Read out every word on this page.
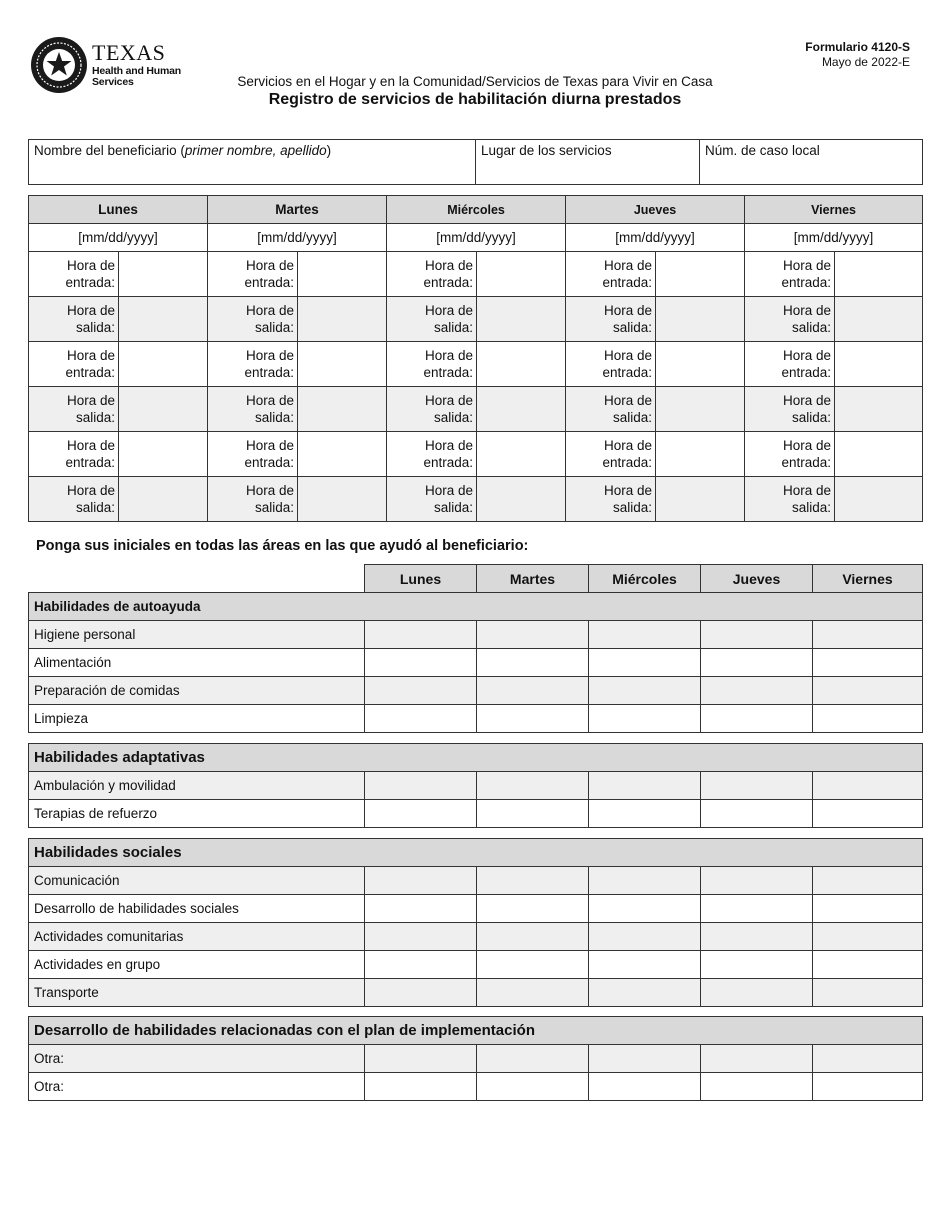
TEXAS
Health and Human
Services
Formulario 4120-S
Mayo de 2022-E
Servicios en el Hogar y en la Comunidad/Servicios de Texas para Vivir en Casa
Registro de servicios de habilitación diurna prestados
Nombre del beneficiario (primer nombre, apellido)	Lugar de los servicios	Núm. de caso local
Lunes		Martes		Miércoles		Jueves		Viernes	
[mm/dd/yyyy]		[mm/dd/yyyy]		[mm/dd/yyyy]		[mm/dd/yyyy]		[mm/dd/yyyy]	
Hora de
entrada:		Hora de
entrada:		Hora de
entrada:		Hora de
entrada:		Hora de
entrada:	
Hora de
salida:		Hora de
salida:		Hora de
salida:		Hora de
salida:		Hora de
salida:	
Hora de
entrada:		Hora de
entrada:		Hora de
entrada:		Hora de
entrada:		Hora de
entrada:	
Hora de
salida:		Hora de
salida:		Hora de
salida:		Hora de
salida:		Hora de
salida:	
Hora de
entrada:		Hora de
entrada:		Hora de
entrada:		Hora de
entrada:		Hora de
entrada:	
Hora de
salida:		Hora de
salida:		Hora de
salida:		Hora de
salida:		Hora de
salida:	
Ponga sus iniciales en todas las áreas en las que ayudó al beneficiario:
	Lunes	Martes	Miércoles	Jueves	Viernes
Habilidades de autoayuda					
Higiene personal					
Alimentación					
Preparación de comidas					
Limpieza					
Habilidades adaptativas					
Ambulación y movilidad					
Terapias de refuerzo					
Habilidades sociales					
Comunicación					
Desarrollo de habilidades sociales					
Actividades comunitarias					
Actividades en grupo					
Transporte					
Desarrollo de habilidades relacionadas con el plan de implementación					
Otra:					
Otra:					
